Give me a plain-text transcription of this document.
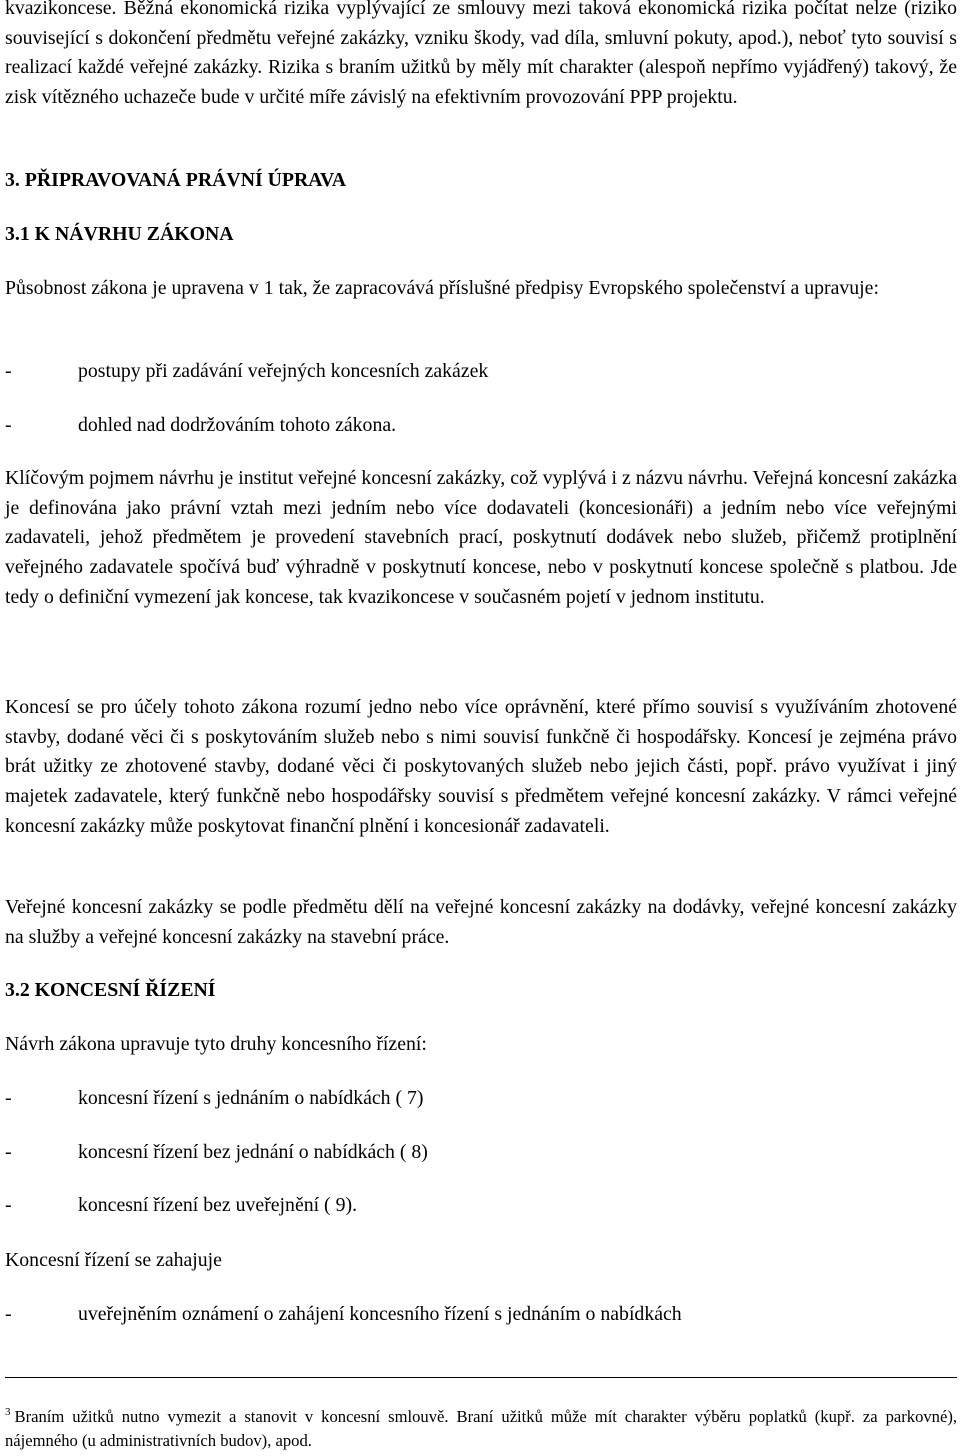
kvazikoncese. Běžná ekonomická rizika vyplývající ze smlouvy mezi taková ekonomická rizika počítat nelze (riziko související s dokončení předmětu veřejné zakázky, vzniku škody, vad díla, smluvní pokuty, apod.), neboť tyto souvisí s realizací každé veřejné zakázky. Rizika s braním užitků by měly mít charakter (alespoň nepřímo vyjádřený) takový, že zisk vítězného uchazeče bude v určité míře závislý na efektivním provozování PPP projektu.

3. PŘIPRAVOVANÁ PRÁVNÍ ÚPRAVA

3.1 K NÁVRHU ZÁKONA

Působnost zákona je upravena v 1 tak, že zapracovává příslušné předpisy Evropského společenství a upravuje:

-	postupy při zadávání veřejných koncesních zakázek
-	dohled nad dodržováním tohoto zákona.

Klíčovým pojmem návrhu je institut veřejné koncesní zakázky, což vyplývá i z názvu návrhu. Veřejná koncesní zakázka je definována jako právní vztah mezi jedním nebo více dodavateli (koncesionáři) a jedním nebo více veřejnými zadavateli, jehož předmětem je provedení stavebních prací, poskytnutí dodávek nebo služeb, přičemž protiplnění veřejného zadavatele spočívá buď výhradně v poskytnutí koncese, nebo v poskytnutí koncese společně s platbou. Jde tedy o definiční vymezení jak koncese, tak kvazikoncese v současném pojetí v jednom institutu.

Koncesí se pro účely tohoto zákona rozumí jedno nebo více oprávnění, které přímo souvisí s využíváním zhotovené stavby, dodané věci či s poskytováním služeb nebo s nimi souvisí funkčně či hospodářsky. Koncesí je zejména právo brát užitky ze zhotovené stavby, dodané věci či poskytovaných služeb nebo jejich části, popř. právo využívat i jiný majetek zadavatele, který funkčně nebo hospodářsky souvisí s předmětem veřejné koncesní zakázky. V rámci veřejné koncesní zakázky může poskytovat finanční plnění i koncesionář zadavateli.

Veřejné koncesní zakázky se podle předmětu dělí na veřejné koncesní zakázky na dodávky, veřejné koncesní zakázky na služby a veřejné koncesní zakázky na stavební práce.

3.2 KONCESNÍ ŘÍZENÍ

Návrh zákona upravuje tyto druhy koncesního řízení:

-	koncesní řízení s jednáním o nabídkách ( 7)
-	koncesní řízení bez jednání o nabídkách ( 8)
-	koncesní řízení bez uveřejnění ( 9).

Koncesní řízení se zahajuje

-	uveřejněním oznámení o zahájení koncesního řízení s jednáním o nabídkách
$^3$ Braním užitků nutno vymezit a stanovit v koncesní smlouvě. Braní užitků může mít charakter výběru poplatků (kupř. za parkovné), nájemného (u administrativních budov), apod.
